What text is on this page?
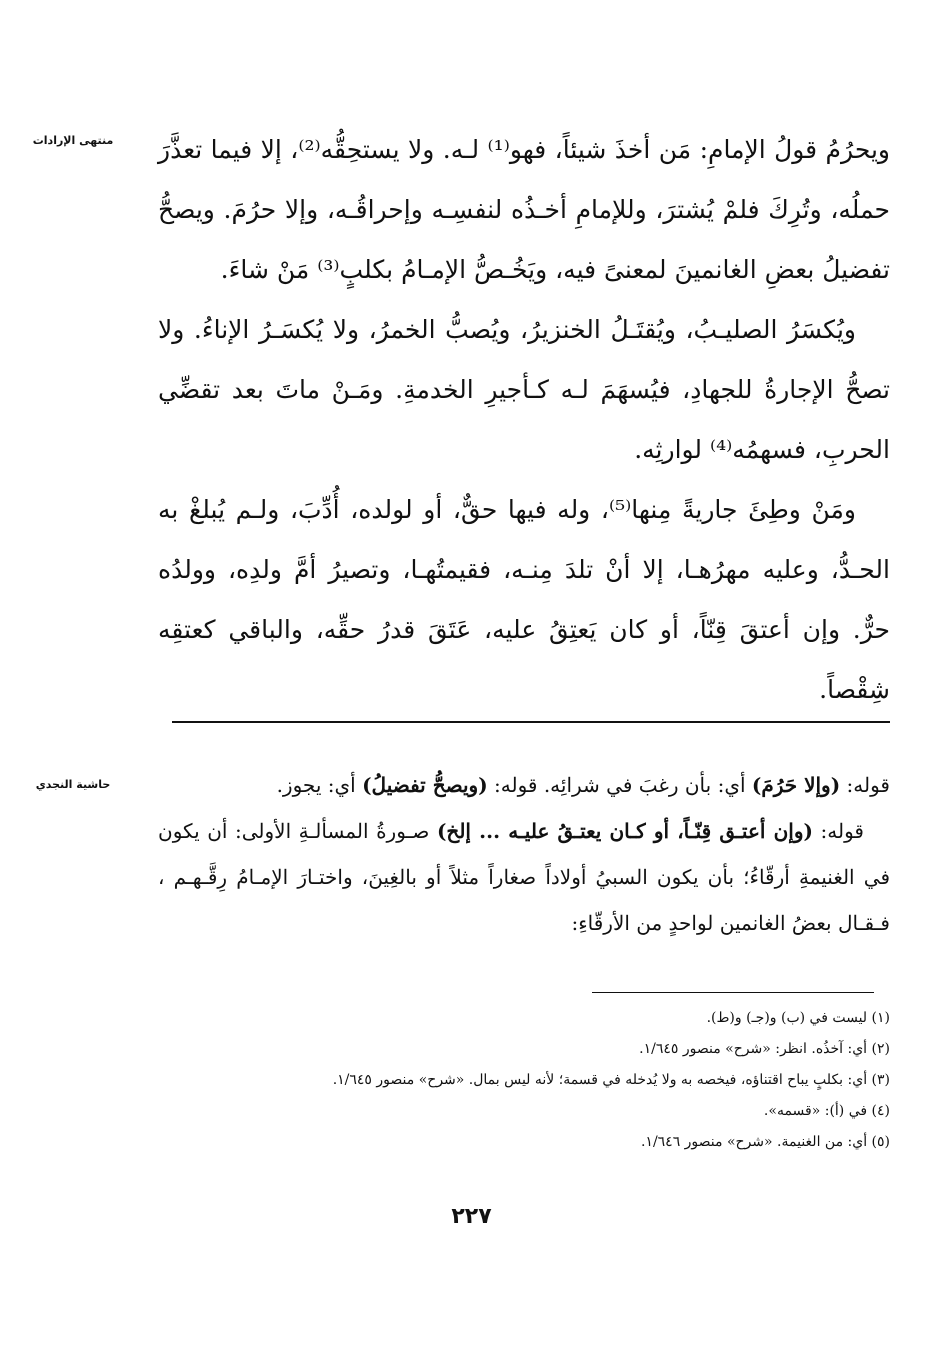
منتهى الإرادات	ويحرُمُ قولُ الإمامِ: مَن أخذَ شيئاً، فهو⁽¹⁾ لـه. ولا يستحِقُّه⁽²⁾، إلا فيما تعذَّرَ حملُه، وتُرِكَ فلمْ يُشترَ، وللإمامِ أخـذُه لنفسِـه وإحراقُـه، وإلا حرُمَ. ويصحُّ تفضيلُ بعضِ الغانمينَ لمعنىً فيه، ويَخُـصُّ الإمـامُ بكلبٍ⁽³⁾ مَنْ شاءَ.

ويُكسَرُ الصليـبُ، ويُقتَـلُ الخنزيرُ، ويُصبُّ الخمرُ، ولا يُكسَـرُ الإناءُ. ولا تصحُّ الإجارةُ للجهادِ، فيُسهَمَ لـه كـأجيرِ الخدمةِ. ومَـنْ ماتَ بعد تقضِّي الحربِ، فسهمُه⁽⁴⁾ لوارثِه.

ومَنْ وطِئَ جاريةً مِنها⁽⁵⁾، وله فيها حقٌّ، أو لولده، أُدِّبَ، ولـم يُبلغْ به الحـدُّ، وعليه مهرُهـا، إلا أنْ تلدَ مِنـه، فقيمتُهـا، وتصيرُ أمَّ ولدِه، وولدُه حرٌّ. وإن أعتقَ قِنّاً، أو كان يَعتِقُ عليه، عَتَقَ قدرُ حقِّه، والباقي كعتقِه شِقْصاً.

حاشية النجدي	قوله: (وإلا حَرُمَ) أي: بأن رغبَ في شرائِه. قوله: (ويصحُّ تفضيلُ) أي: يجوز.

قوله: (وإن أعتـق قِنّـاً، أو كـان يعتـقُ عليـه ... إلخ) صـورةُ المسألـةِ الأولى: أن يكون في الغنيمةِ أرقّاءُ؛ بأن يكون السبيُ أولاداً صغاراً مثلاً أو بالغِينَ، واختـارَ الإمـامُ رِقَّـهـم ، فـقـال بعضُ الغانمين لواحدٍ من الأرقّاءِ:

(١) ليست في (ب) و(جـ) و(ط).
(٢) أي: آخذُه. انظر: «شرح» منصور ١/٦٤٥.
(٣) أي: بكلبٍ يباح اقتناؤه، فيخصه به ولا يُدخله في قسمة؛ لأنه ليس بمال. «شرح» منصور ١/٦٤٥.
(٤) في (أ): «قسمه».
(٥) أي: من الغنيمة. «شرح» منصور ١/٦٤٦.
٢٢٧
